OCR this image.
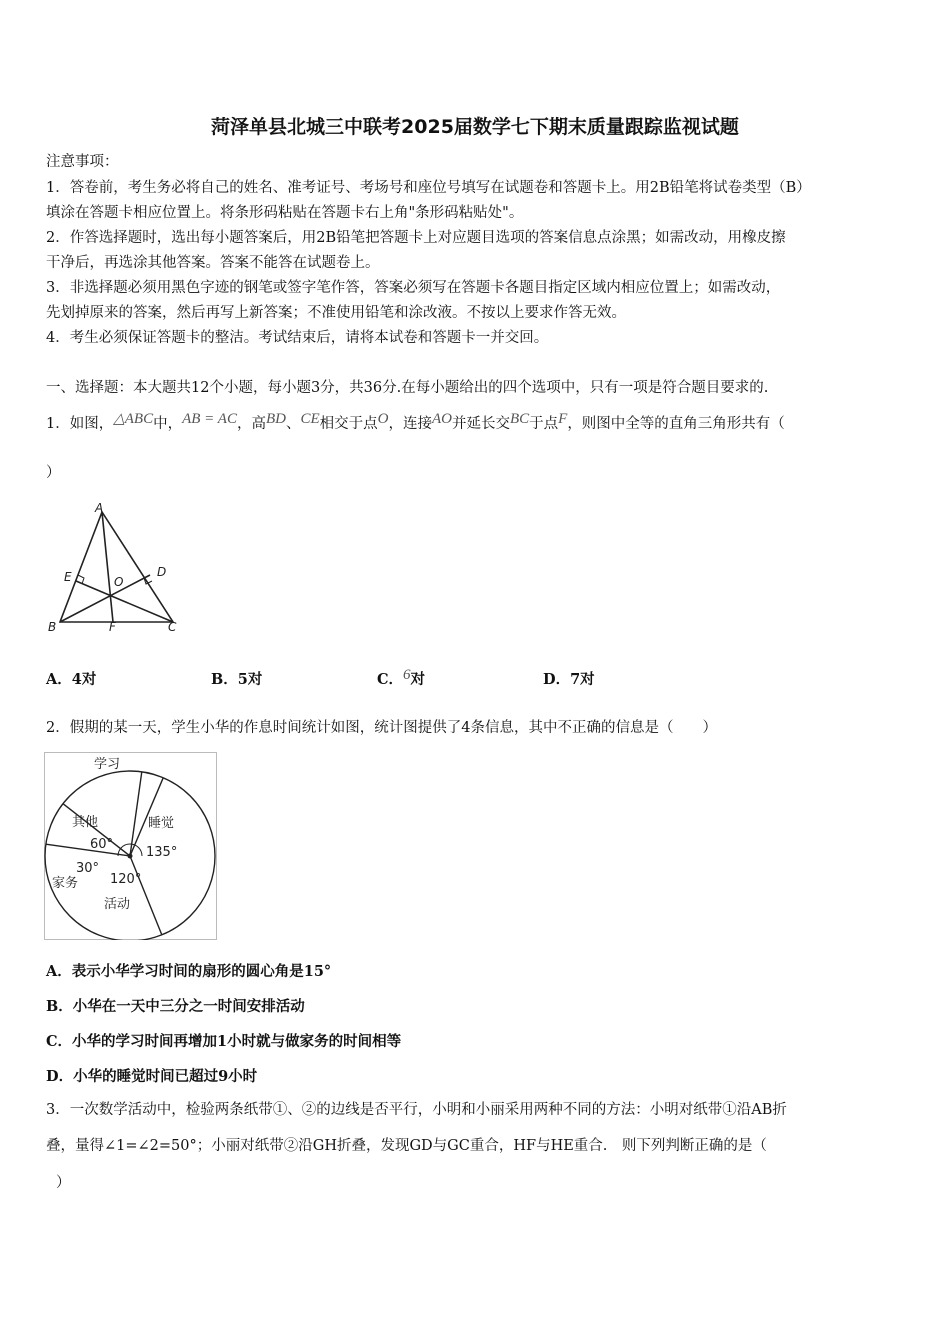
菏泽单县北城三中联考2025届数学七下期末质量跟踪监视试题
注意事项：
1．答卷前，考生务必将自己的姓名、准考证号、考场号和座位号填写在试题卷和答题卡上。用2B铅笔将试卷类型（B）
填涂在答题卡相应位置上。将条形码粘贴在答题卡右上角"条形码粘贴处"。
2．作答选择题时，选出每小题答案后，用2B铅笔把答题卡上对应题目选项的答案信息点涂黑；如需改动，用橡皮擦
干净后，再选涂其他答案。答案不能答在试题卷上。
3．非选择题必须用黑色字迹的钢笔或签字笔作答，答案必须写在答题卡各题目指定区域内相应位置上；如需改动，
先划掉原来的答案，然后再写上新答案；不准使用铅笔和涂改液。不按以上要求作答无效。
4．考生必须保证答题卡的整洁。考试结束后，请将本试卷和答题卡一并交回。
一、选择题：本大题共12个小题，每小题3分，共36分.在每小题给出的四个选项中，只有一项是符合题目要求的.
1．如图，△ABC中，AB = AC，高BD、CE相交于点O，连接AO并延长交BC于点F，则图中全等的直角三角形共有（
）
A
B	C
D
E
F
O
A．4对	B．5对	C．6对	D．7对
2．假期的某一天，学生小华的作息时间统计如图，统计图提供了4条信息，其中不正确的信息是（　　）
学习
睡觉
活动
家务
其他
135°
120°
30°
60°
A．表示小华学习时间的扇形的圆心角是15°
B．小华在一天中三分之一时间安排活动
C．小华的学习时间再增加1小时就与做家务的时间相等
D．小华的睡觉时间已超过9小时
3．一次数学活动中，检验两条纸带①、②的边线是否平行，小明和小丽采用两种不同的方法：小明对纸带①沿AB折
叠，量得∠1=∠2=50°；小丽对纸带②沿GH折叠，发现GD与GC重合，HF与HE重合.　则下列判断正确的是（
）
